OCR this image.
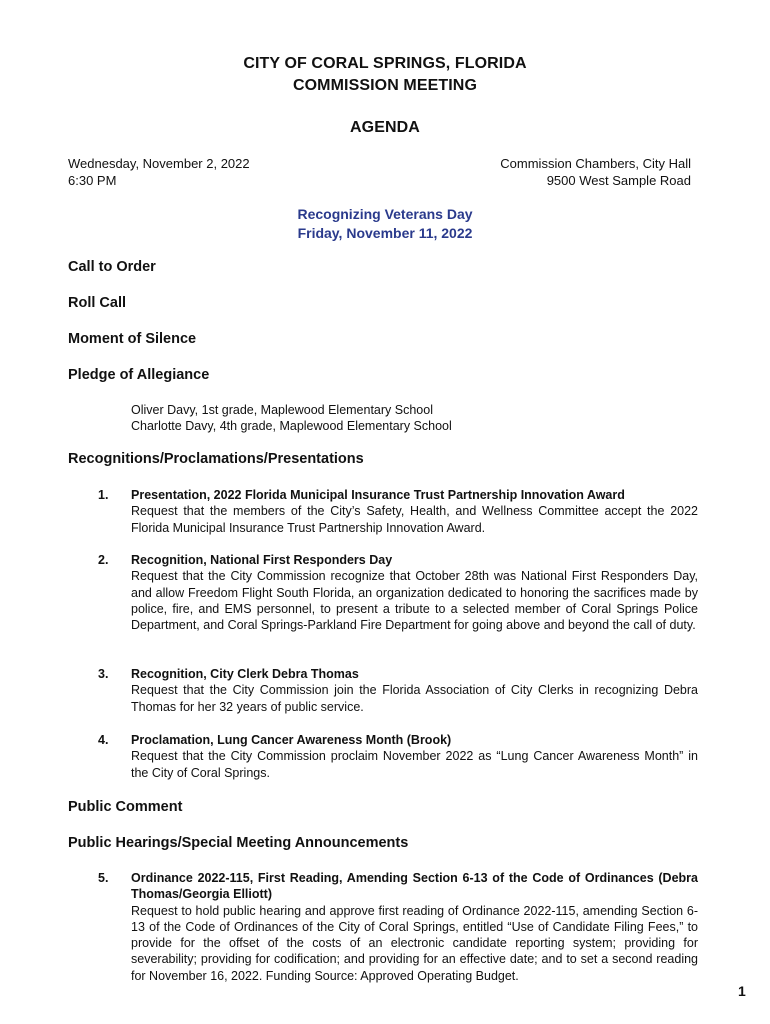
CITY OF CORAL SPRINGS, FLORIDA
COMMISSION MEETING
AGENDA
Wednesday, November 2, 2022
6:30 PM
Commission Chambers, City Hall
9500 West Sample Road
Recognizing Veterans Day
Friday, November 11, 2022
Call to Order
Roll Call
Moment of Silence
Pledge of Allegiance
Oliver Davy, 1st grade, Maplewood Elementary School
Charlotte Davy, 4th grade, Maplewood Elementary School
Recognitions/Proclamations/Presentations
1. Presentation, 2022 Florida Municipal Insurance Trust Partnership Innovation Award
Request that the members of the City’s Safety, Health, and Wellness Committee accept the 2022 Florida Municipal Insurance Trust Partnership Innovation Award.
2. Recognition, National First Responders Day
Request that the City Commission recognize that October 28th was National First Responders Day, and allow Freedom Flight South Florida, an organization dedicated to honoring the sacrifices made by police, fire, and EMS personnel, to present a tribute to a selected member of Coral Springs Police Department, and Coral Springs-Parkland Fire Department for going above and beyond the call of duty.
3. Recognition, City Clerk Debra Thomas
Request that the City Commission join the Florida Association of City Clerks in recognizing Debra Thomas for her 32 years of public service.
4. Proclamation, Lung Cancer Awareness Month (Brook)
Request that the City Commission proclaim November 2022 as “Lung Cancer Awareness Month” in the City of Coral Springs.
Public Comment
Public Hearings/Special Meeting Announcements
5. Ordinance 2022-115, First Reading, Amending Section 6-13 of the Code of Ordinances (Debra Thomas/Georgia Elliott)
Request to hold public hearing and approve first reading of Ordinance 2022-115, amending Section 6-13 of the Code of Ordinances of the City of Coral Springs, entitled “Use of Candidate Filing Fees,” to provide for the offset of the costs of an electronic candidate reporting system; providing for severability; providing for codification; and providing for an effective date; and to set a second reading for November 16, 2022. Funding Source: Approved Operating Budget.
1
